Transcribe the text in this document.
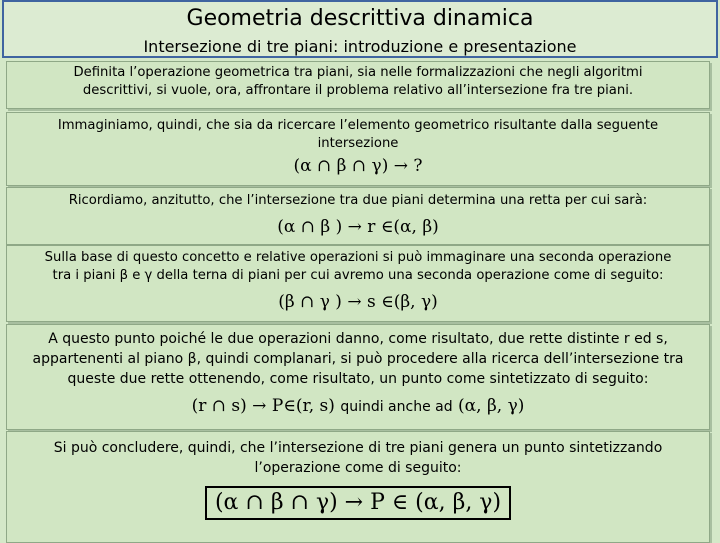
Geometria descrittiva dinamica
Intersezione di tre piani: introduzione e presentazione

Definita l’operazione geometrica tra piani, sia nelle formalizzazioni che negli algoritmi

descrittivi, si vuole, ora, affrontare il problema relativo all’intersezione fra tre piani.

Immaginiamo, quindi, che sia da ricercare l’elemento geometrico risultante dalla seguente

intersezione

(α ∩ β ∩ γ) → ?

Ricordiamo, anzitutto, che l’intersezione tra due piani determina una retta per cui sarà:

(α ∩ β ) → r ∈(α, β)

Sulla base di questo concetto e relative operazioni si può immaginare una seconda operazione

tra i piani β e γ della terna di piani per cui avremo una seconda operazione come di seguito:

(β ∩ γ ) → s ∈(β, γ)

A questo punto poiché le due operazioni danno, come risultato, due rette distinte r ed s,

appartenenti al piano β, quindi complanari, si può procedere alla ricerca dell’intersezione tra

queste due rette ottenendo, come risultato, un punto come sintetizzato di seguito:

(r ∩ s) → P∈(r, s) quindi anche ad (α, β, γ)

Si può concludere, quindi, che l’intersezione di tre piani genera un punto sintetizzando

l’operazione come di seguito:

(α ∩ β ∩ γ) → P ∈ (α, β, γ)
